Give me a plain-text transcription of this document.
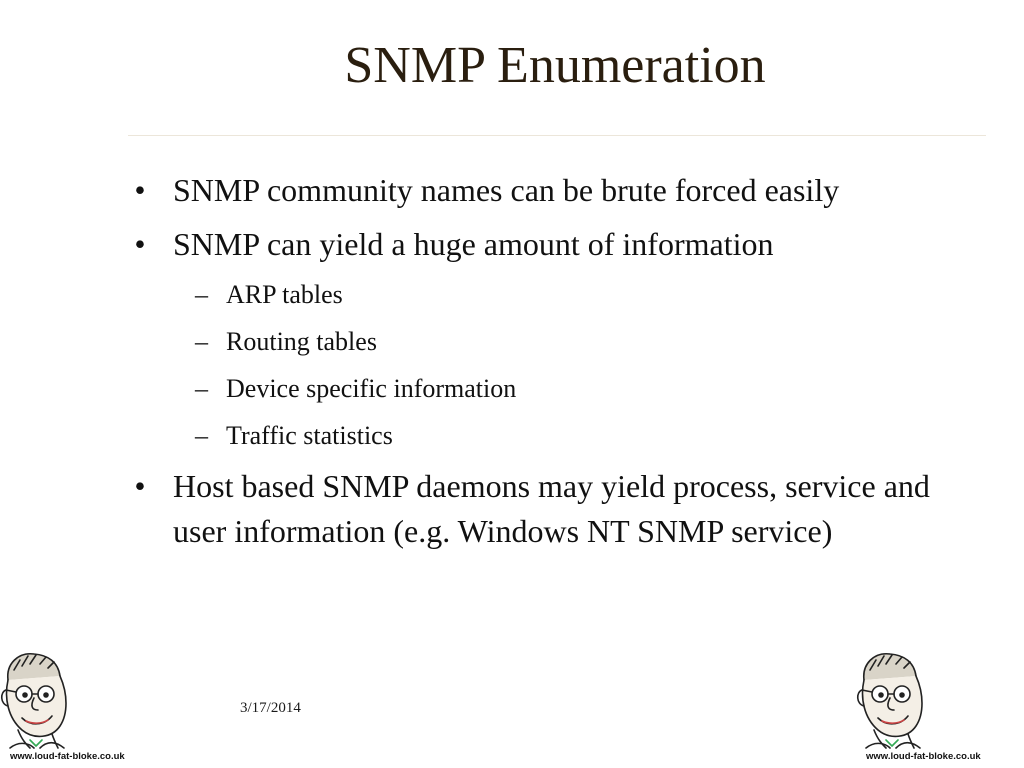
SNMP Enumeration
• SNMP community names can be brute forced easily
• SNMP can yield a huge amount of information
– ARP tables
– Routing tables
– Device specific information
– Traffic statistics
• Host based SNMP daemons may yield process, service and user information (e.g. Windows NT SNMP service)
3/17/2014
www.loud-fat-bloke.co.uk	www.loud-fat-bloke.co.uk
